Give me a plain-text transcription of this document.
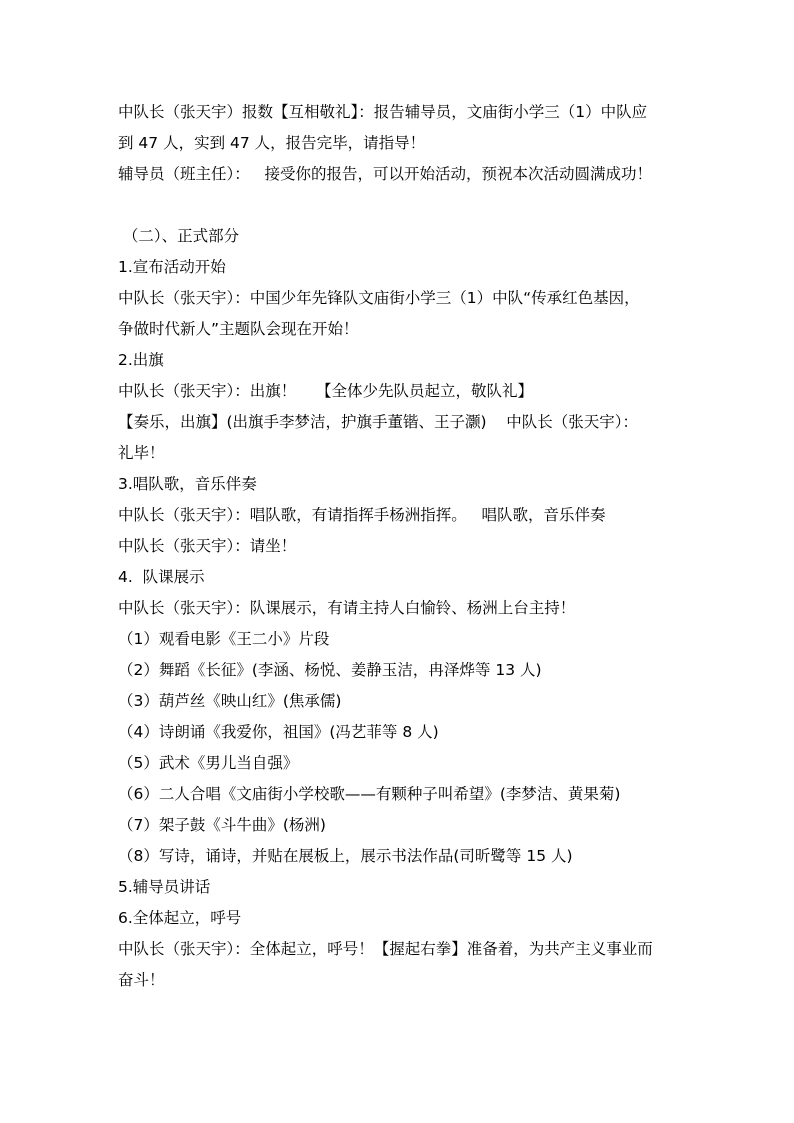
中队长（张天宇）报数【互相敬礼】：报告辅导员，文庙街小学三（1）中队应
到 47 人，实到 47 人，报告完毕，请指导！
辅导员（班主任）：   接受你的报告，可以开始活动，预祝本次活动圆满成功！
（二）、正式部分
1.宣布活动开始
中队长（张天宇）：中国少年先锋队文庙街小学三（1）中队“传承红色基因，
争做时代新人”主题队会现在开始！
2.出旗
中队长（张天宇）：出旗！    【全体少先队员起立，敬队礼】
【奏乐，出旗】(出旗手李梦洁，护旗手董锴、王子灏)    中队长（张天宇）：
礼毕！
3.唱队歌，音乐伴奏
中队长（张天宇）：唱队歌，有请指挥手杨洲指挥。   唱队歌，音乐伴奏
中队长（张天宇）：请坐！
4.  队课展示
中队长（张天宇）：队课展示，有请主持人白愉铃、杨洲上台主持！
（1）观看电影《王二小》片段
（2）舞蹈《长征》(李涵、杨悦、姜静玉洁，冉泽烨等 13 人)
（3）葫芦丝《映山红》(焦承儒)
（4）诗朗诵《我爱你，祖国》(冯艺菲等 8 人)
（5）武术《男儿当自强》
（6）二人合唱《文庙街小学校歌——有颗种子叫希望》(李梦洁、黄果菊)
（7）架子鼓《斗牛曲》(杨洲)
（8）写诗，诵诗，并贴在展板上，展示书法作品(司昕鹭等 15 人)
5.辅导员讲话
6.全体起立，呼号
中队长（张天宇）：全体起立，呼号！【握起右拳】准备着，为共产主义事业而
奋斗！
